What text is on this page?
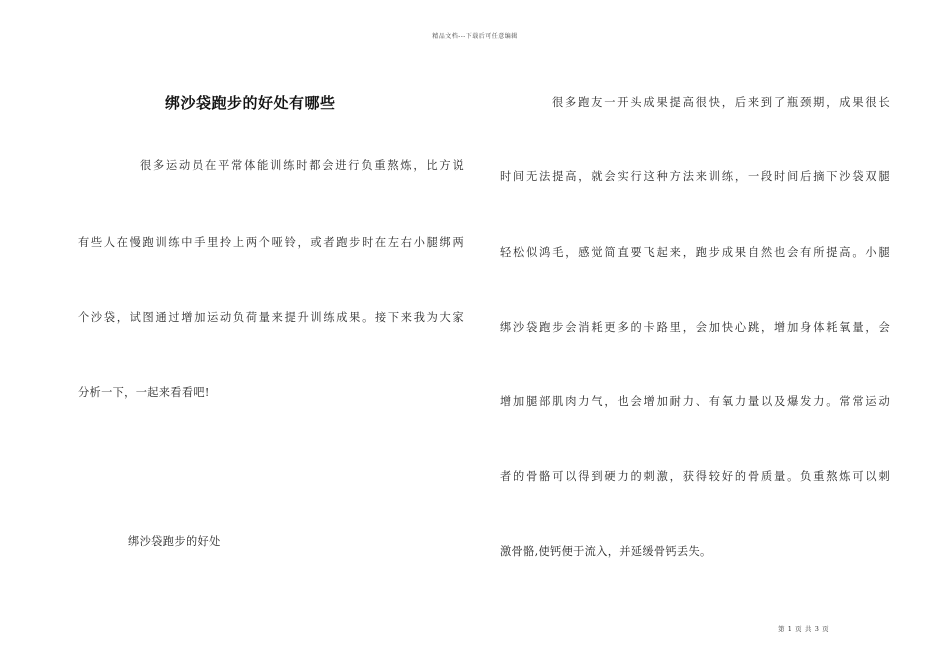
精品文档---下载后可任意编辑
绑沙袋跑步的好处有哪些
很多运动员在平常体能训练时都会进行负重熬炼，比方说
有些人在慢跑训练中手里拎上两个哑铃，或者跑步时在左右小腿绑两
个沙袋，试图通过增加运动负荷量来提升训练成果。接下来我为大家
分析一下，一起来看看吧!
绑沙袋跑步的好处
很多跑友一开头成果提高很快，后来到了瓶颈期，成果很长
时间无法提高，就会实行这种方法来训练，一段时间后摘下沙袋双腿
轻松似鸿毛，感觉简直要飞起来，跑步成果自然也会有所提高。小腿
绑沙袋跑步会消耗更多的卡路里，会加快心跳，增加身体耗氧量，会
增加腿部肌肉力气，也会增加耐力、有氧力量以及爆发力。常常运动
者的骨骼可以得到硬力的刺激，获得较好的骨质量。负重熬炼可以刺
激骨骼,使钙便于流入，并延缓骨钙丢失。
第 1 页 共 3 页
